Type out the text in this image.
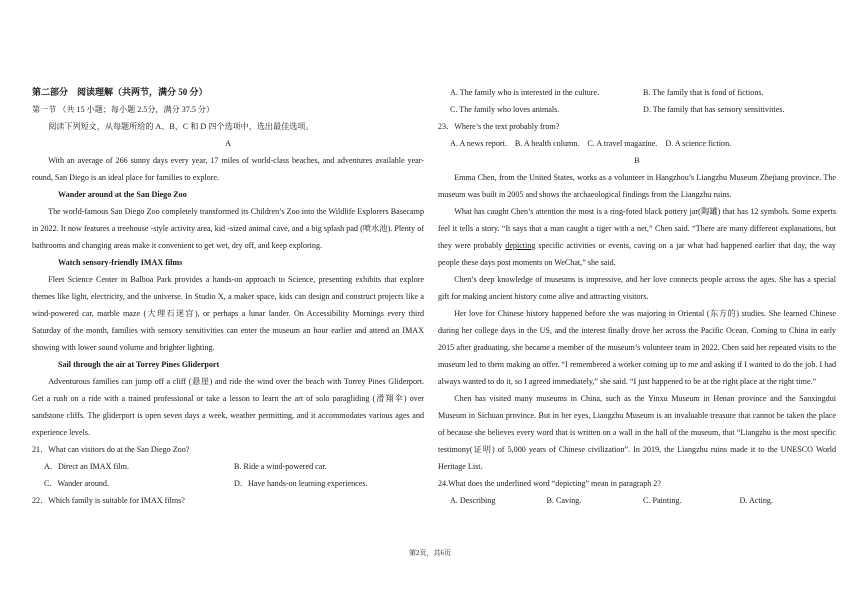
第二部分　阅读理解（共两节，满分 50 分）

第一节 （共 15 小题；每小题 2.5分，满分 37.5 分）

阅读下列短文，从每题所给的 A、B、C 和 D 四个选项中，选出最佳选项。

A

With an average of 266 sunny days every year, 17 miles of world-class beaches, and adventures available year-round, San Diego is an ideal place for families to explore.

Wander around at the San Diego Zoo

The world-famous San Diego Zoo completely transformed its Children’s Zoo into the Wildlife Explorers Basecamp in 2022. It now features a treehouse -style activity area, kid -sized animal cave, and a big splash pad (喷水池). Plenty of bathrooms and changing areas make it convenient to get wet, dry off, and keep exploring.

Watch sensory-friendly IMAX films

Fleet Science Center in Balboa Park provides a hands-on approach to Science, presenting exhibits that explore themes like light, electricity, and the universe. In Studio X, a maker space, kids can design and construct projects like a wind-powered car, marble maze (大理石迷宫), or perhaps a lunar lander. On Accessibility Mornings every third Saturday of the month, families with sensory sensitivities can enter the museum an hour earlier and attend an IMAX showing with lower sound volume and brighter lighting.

Sail through the air at Torrey Pines Gliderport

Adventurous families can jump off a cliff (悬崖) and ride the wind over the beach with Torrey Pines Gliderport. Get a rush on a ride with a trained professional or take a lesson to learn the art of solo paragliding (滑翔伞) over sandstone cliffs. The gliderport is open seven days a week, weather permitting, and it accommodates various ages and experience levels.

21．What can visitors do at the San Diego Zoo?

A．Direct an IMAX film.	B. Ride a wind-powered car.
C．Wander around.	D．Have hands-on learning experiences.

22．Which family is suitable for IMAX films?

A. The family who is interested in the culture.	B. The family that is fond of fictions.
C. The family who loves animals.	D. The family that has sensory sensitivities.

23．Where’s the text probably from?

A. A news report. B. A health column. C. A travel magazine. D. A science fiction.

B

Emma Chen, from the United States, works as a volunteer in Hangzhou’s Liangzhu Museum Zhejiang province. The museum was built in 2005 and shows the archaeological findings from the Liangzhu ruins.

What has caught Chen’s attention the most is a ring-foted black pottery jar(陶罐) that has 12 symbols. Some experts feel it tells a story. “It says that a man caught a tiger with a net,” Chen said. “There are many different explanations, but they were probably depicting specific activities or events, caving on a jar what had happened earlier that day, the way people these days post moments on WeChat,” she said.

Chen’s deep knowledge of museums is impressive, and her love connects people across the ages. She has a special gift for making ancient history come alive and attracting visitors.

Her love for Chinese history happened before she was majoring in Oriental (东方的) studies. She learned Chinese during her college days in the US, and the interest finally drove her across the Pacific Ocean. Coming to China in early 2015 after graduating, she became a member of the museum’s volunteer team in 2022. Chen said her repeated visits to the museum led to them making an offer. “I remembered a worker coming up to me and asking if I wanted to do the job. I had always wanted to do it, so I agreed immediately,” she said. “I just happened to be at the right place at the right time.”

Chen has visited many museums in China, such as the Yinxu Museum in Henan province and the Sanxingdui Museum in Sichuan province. But in her eyes, Liangzhu Museum is an invaluable treasure that cannot be taken the place of because she believes every word that is written on a wall in the hall of the museum, that “Liangzhu is the most specific testimony(证明) of 5,000 years of Chinese civilization”. In 2019, the Liangzhu ruins made it to the UNESCO World Heritage List.

24.What does the underlined word “depicting” mean in paragraph 2?

A. Describing	B. Caving.	C. Painting.	D. Acting.
第2页，共6页
